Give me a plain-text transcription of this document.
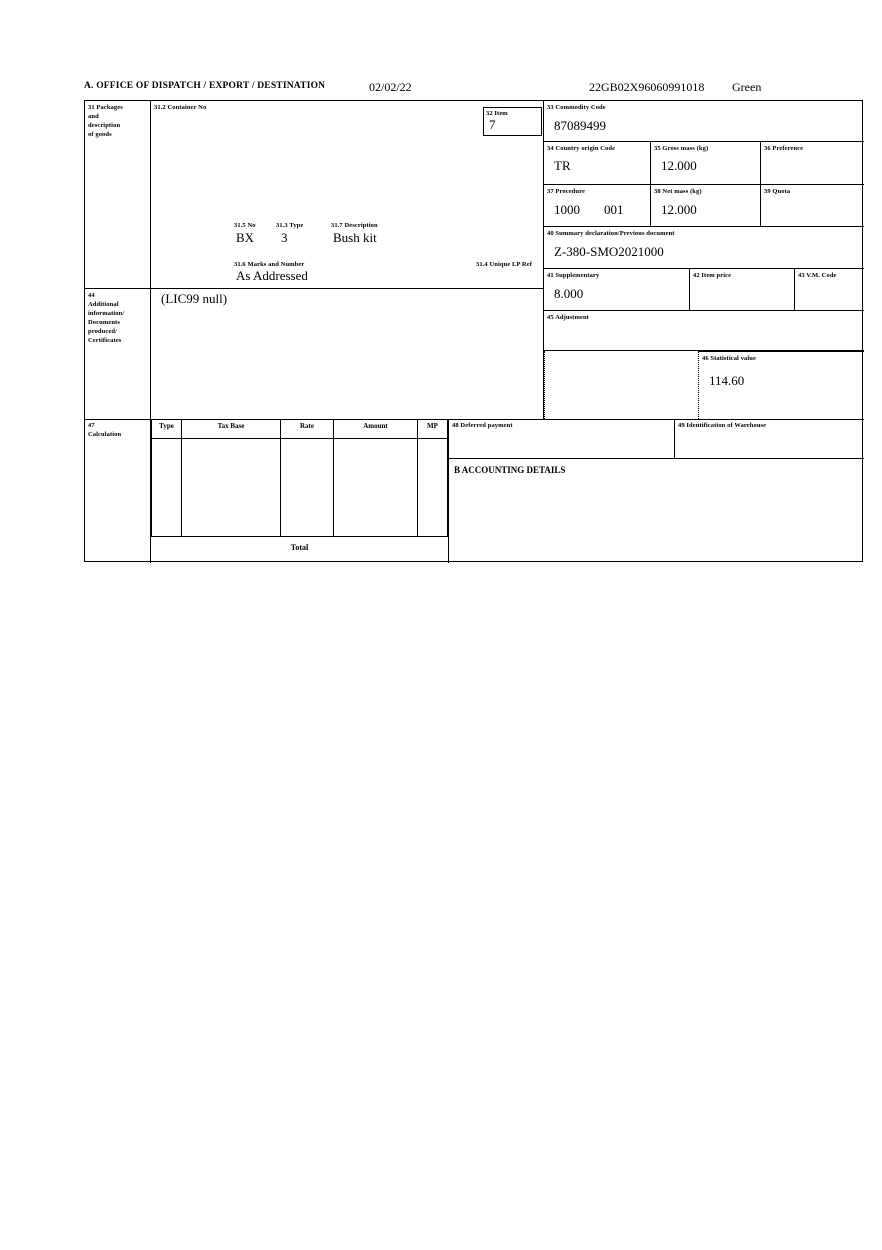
A. OFFICE OF DISPATCH / EXPORT / DESTINATION	02/02/22	22GB02X96060991018 Green
31 Packages
and
description
of goods
31.2 Container No
31.5 No	31.3 Type	31.7 Description
BX	3	Bush kit
31.6 Marks and Number	31.4 Unique LP Ref
As Addressed
32 Item
7
33 Commodity Code
87089499
34 Country origin Code
TR
35 Gross mass (kg)
12.000
36 Preference
37 Procedure
1000	001
38 Net mass (kg)
12.000
39 Quota
40 Summary declaration/Previous document
Z-380-SMO2021000
41 Supplementary
8.000
42 Item price	43 V.M. Code
44
Additional
information/
Documents
produced/
Certificates
(LIC99 null)
45 Adjustment
46 Statistical value
114.60
47
Calculation
Type	Tax Base	Rate	Amount	MP
Total
48 Deferred payment	49 Identification of Warehouse
B ACCOUNTING DETAILS
